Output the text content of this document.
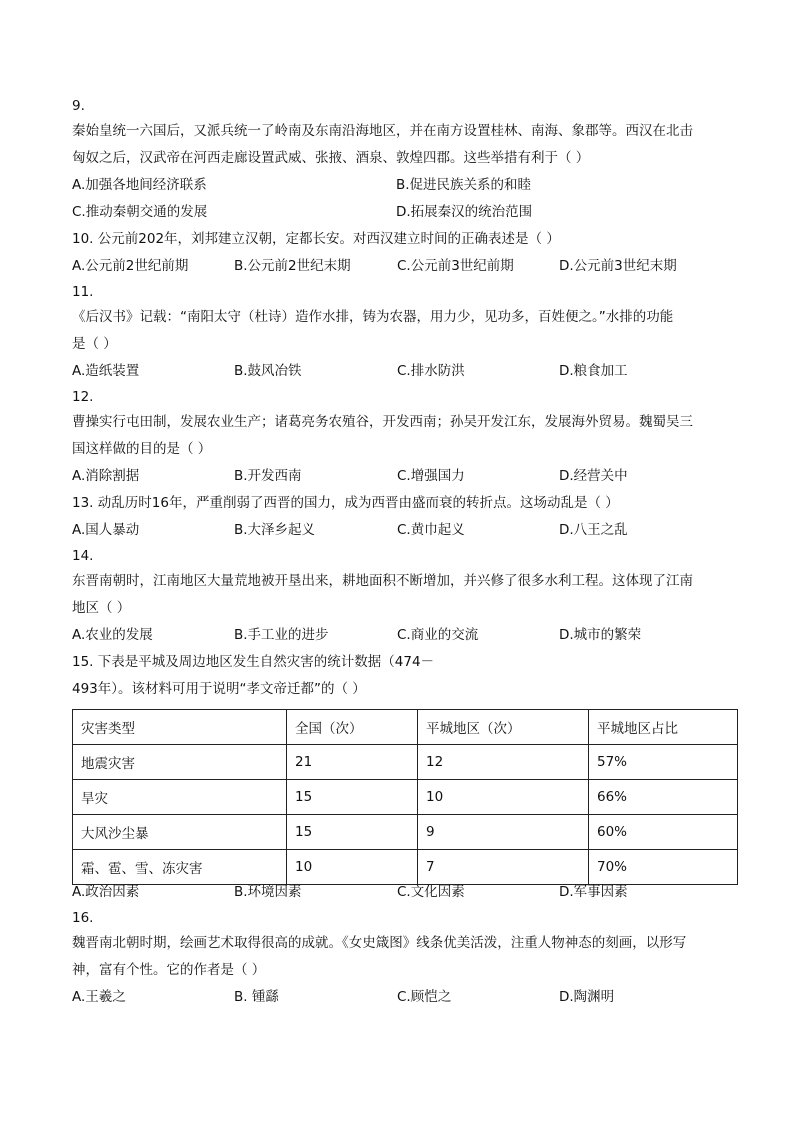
9.
秦始皇统一六国后，又派兵统一了岭南及东南沿海地区，并在南方设置桂林、南海、象郡等。西汉在北击
匈奴之后，汉武帝在河西走廊设置武威、张掖、酒泉、敦煌四郡。这些举措有利于（ ）
A.加强各地间经济联系	B.促进民族关系的和睦
C.推动秦朝交通的发展	D.拓展秦汉的统治范围
10. 公元前202年，刘邦建立汉朝，定都长安。对西汉建立时间的正确表述是（ ）
A.公元前2世纪前期	B.公元前2世纪末期	C.公元前3世纪前期	D.公元前3世纪末期
11.
《后汉书》记载：“南阳太守（杜诗）造作水排，铸为农器，用力少，见功多，百姓便之。”水排的功能
是（ ）
A.造纸装置	B.鼓风冶铁	C.排水防洪	D.粮食加工
12.
曹操实行屯田制，发展农业生产；诸葛亮务农殖谷，开发西南；孙吴开发江东，发展海外贸易。魏蜀吴三
国这样做的目的是（ ）
A.消除割据	B.开发西南	C.增强国力	D.经营关中
13. 动乱历时16年，严重削弱了西晋的国力，成为西晋由盛而衰的转折点。这场动乱是（ ）
A.国人暴动	B.大泽乡起义	C.黄巾起义	D.八王之乱
14.
东晋南朝时，江南地区大量荒地被开垦出来，耕地面积不断增加，并兴修了很多水利工程。这体现了江南
地区（ ）
A.农业的发展	B.手工业的进步	C.商业的交流	D.城市的繁荣
15. 下表是平城及周边地区发生自然灾害的统计数据（474－
493年）。该材料可用于说明“孝文帝迁都”的（ ）
灾害类型	全国（次）	平城地区（次）	平城地区占比
地震灾害	21	12	57%
旱灾	15	10	66%
大风沙尘暴	15	9	60%
霜、雹、雪、冻灾害	10	7	70%
A.政治因素	B.环境因素	C.文化因素	D.军事因素
16.
魏晋南北朝时期，绘画艺术取得很高的成就。《女史箴图》线条优美活泼，注重人物神态的刻画，以形写
神，富有个性。它的作者是（ ）
A.王羲之	B. 锺繇	C.顾恺之	D.陶渊明
